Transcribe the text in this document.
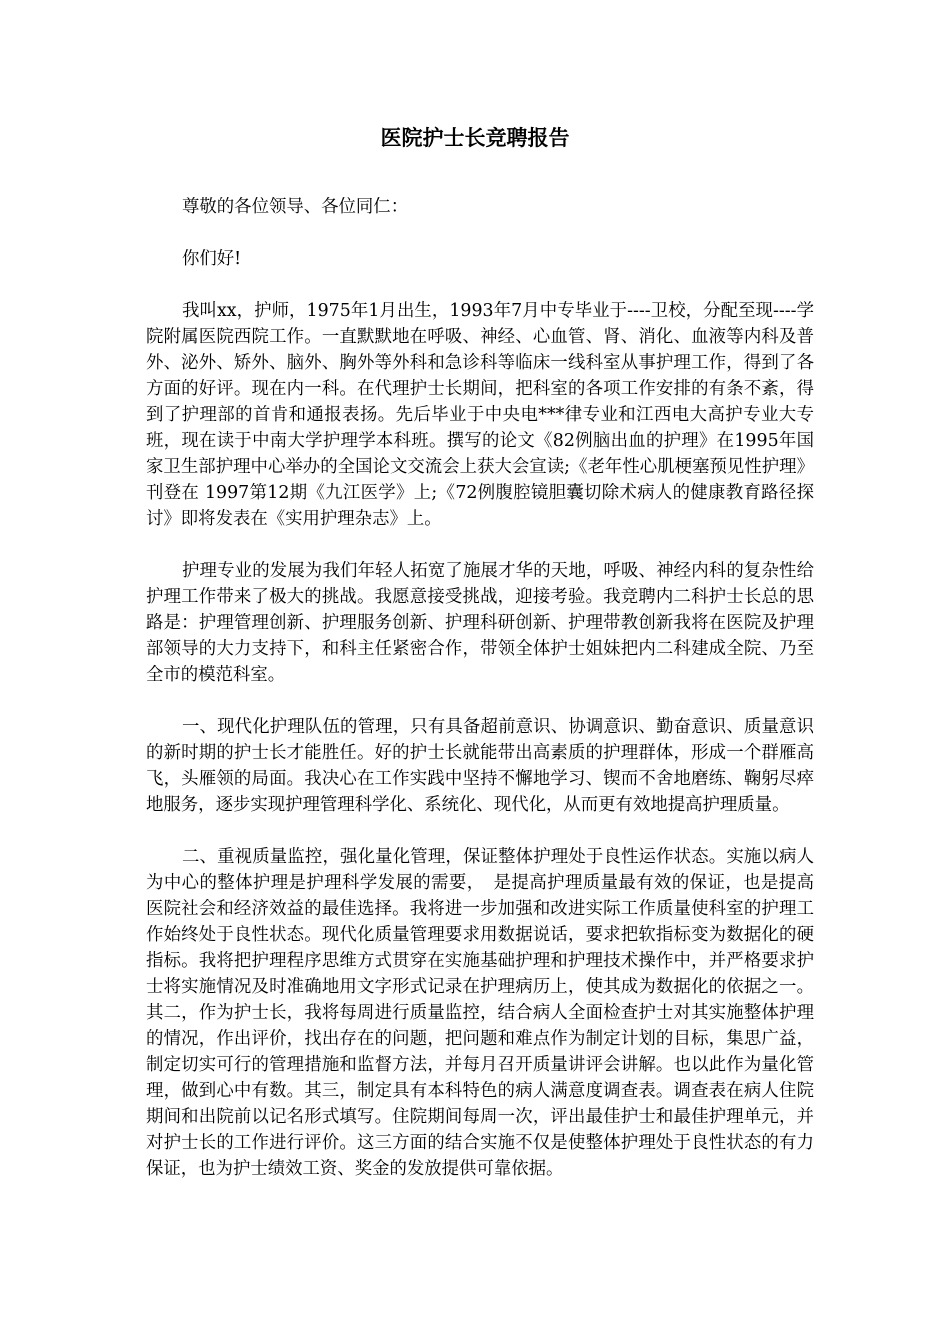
医院护士长竞聘报告

尊敬的各位领导、各位同仁：

你们好!

我叫xx，护师，1975年1月出生，1993年7月中专毕业于----卫校，分配至现----学院附属医院西院工作。一直默默地在呼吸、神经、心血管、肾、消化、血液等内科及普外、泌外、矫外、脑外、胸外等外科和急诊科等临床一线科室从事护理工作，得到了各方面的好评。现在内一科。在代理护士长期间，把科室的各项工作安排的有条不紊，得到了护理部的首肯和通报表扬。先后毕业于中央电***律专业和江西电大高护专业大专班，现在读于中南大学护理学本科班。撰写的论文《82例脑出血的护理》在1995年国家卫生部护理中心举办的全国论文交流会上获大会宣读;《老年性心肌梗塞预见性护理》刊登在 1997第12期《九江医学》上;《72例腹腔镜胆囊切除术病人的健康教育路径探讨》即将发表在《实用护理杂志》上。

护理专业的发展为我们年轻人拓宽了施展才华的天地，呼吸、神经内科的复杂性给护理工作带来了极大的挑战。我愿意接受挑战，迎接考验。我竞聘内二科护士长总的思路是：护理管理创新、护理服务创新、护理科研创新、护理带教创新我将在医院及护理部领导的大力支持下，和科主任紧密合作，带领全体护士姐妹把内二科建成全院、乃至全市的模范科室。

一、现代化护理队伍的管理，只有具备超前意识、协调意识、勤奋意识、质量意识的新时期的护士长才能胜任。好的护士长就能带出高素质的护理群体，形成一个群雁高飞，头雁领的局面。我决心在工作实践中坚持不懈地学习、锲而不舍地磨练、鞠躬尽瘁地服务，逐步实现护理管理科学化、系统化、现代化，从而更有效地提高护理质量。

二、重视质量监控，强化量化管理，保证整体护理处于良性运作状态。实施以病人为中心的整体护理是护理科学发展的需要，　是提高护理质量最有效的保证，也是提高医院社会和经济效益的最佳选择。我将进一步加强和改进实际工作质量使科室的护理工作始终处于良性状态。现代化质量管理要求用数据说话，要求把软指标变为数据化的硬指标。我将把护理程序思维方式贯穿在实施基础护理和护理技术操作中，并严格要求护士将实施情况及时准确地用文字形式记录在护理病历上，使其成为数据化的依据之一。其二，作为护士长，我将每周进行质量监控，结合病人全面检查护士对其实施整体护理的情况，作出评价，找出存在的问题，把问题和难点作为制定计划的目标，集思广益，制定切实可行的管理措施和监督方法，并每月召开质量讲评会讲解。也以此作为量化管理，做到心中有数。其三，制定具有本科特色的病人满意度调查表。调查表在病人住院期间和出院前以记名形式填写。住院期间每周一次，评出最佳护士和最佳护理单元，并对护士长的工作进行评价。这三方面的结合实施不仅是使整体护理处于良性状态的有力保证，也为护士绩效工资、奖金的发放提供可靠依据。
